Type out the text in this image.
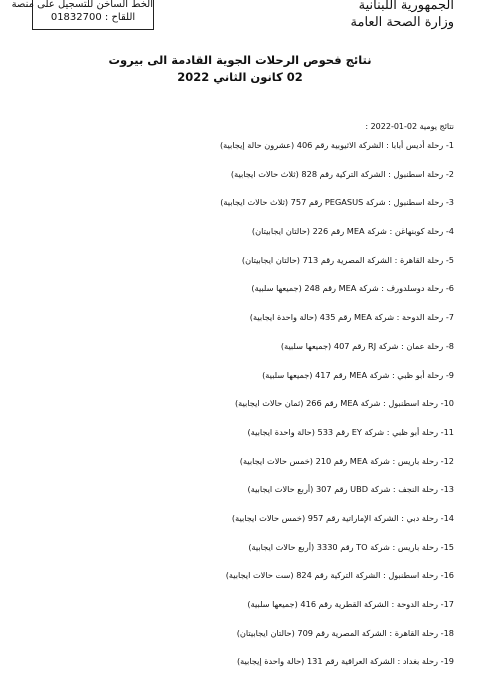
الخط الساخن للتسجيل على منصة
اللقاح : 01832700
الجمهورية اللبنانية
وزارة الصحة العامة
نتائج فحوص الرحلات الجوية القادمة الى بيروت
02 كانون الثاني 2022
نتائج يومية 02-01-2022 :
1- رحلة أديس أبابا : الشركة الاثيوبية رقم 406 (عشرون حالة إيجابية)
2- رحلة اسطنبول : الشركة التركية رقم 828 (ثلاث حالات ايجابية)
3- رحلة اسطنبول : شركة PEGASUS رقم 757 (ثلاث حالات ايجابية)
4- رحلة كوبنهاغن : شركة MEA رقم 226 (حالتان ايجابيتان)
5- رحلة القاهرة : الشركة المصرية رقم 713 (حالتان ايجابيتان)
6- رحلة دوسلدورف : شركة MEA رقم 248 (جميعها سلبية)
7- رحلة الدوحة : شركة MEA رقم 435 (حالة واحدة ايجابية)
8- رحلة عمان : شركة RJ رقم 407 (جميعها سلبية)
9- رحلة أبو ظبي : شركة MEA رقم 417 (جميعها سلبية)
10- رحلة اسطنبول : شركة MEA رقم 266 (ثمان حالات ايجابية)
11- رحلة أبو ظبي : شركة EY رقم 533 (حالة واحدة ايجابية)
12- رحلة باريس : شركة MEA رقم 210 (خمس حالات ايجابية)
13- رحلة النجف : شركة UBD رقم 307 (أربع حالات ايجابية)
14- رحلة دبي : الشركة الإماراتية رقم 957 (خمس حالات ايجابية)
15- رحلة باريس : شركة TO رقم 3330 (أربع حالات ايجابية)
16- رحلة اسطنبول : الشركة التركية رقم 824 (ست حالات ايجابية)
17- رحلة الدوحة : الشركة القطرية رقم 416 (جميعها سلبية)
18- رحلة القاهرة : الشركة المصرية رقم 709 (حالتان ايجابيتان)
19- رحلة بغداد : الشركة العراقية رقم 131 (حالة واحدة إيجابية)
